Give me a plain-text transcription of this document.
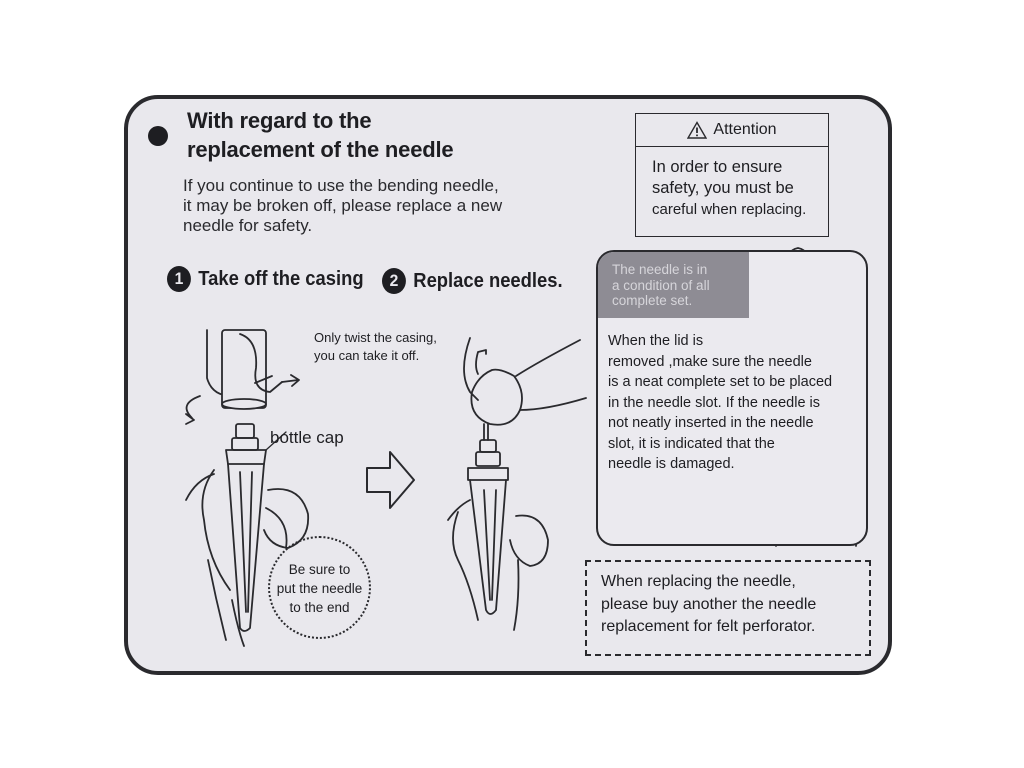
With regard to the
replacement of the needle
If you continue to use the bending needle,
it may be broken off, please replace a new
needle for safety.
Attention
In order to ensure
safety, you must be
careful when replacing.
1 Take off the casing	2 Replace needles.
Only twist the casing,
you can take it off.
bottle cap
Be sure to
put the needle
to the end
The needle is in
a condition of all
complete set.
When the lid is
removed ,make sure the needle
is a neat complete set to be placed
in the needle slot. If the needle is
not neatly inserted in the needle
slot, it is indicated that the
needle is damaged.
When replacing the needle,
please buy another the needle
replacement for felt perforator.
